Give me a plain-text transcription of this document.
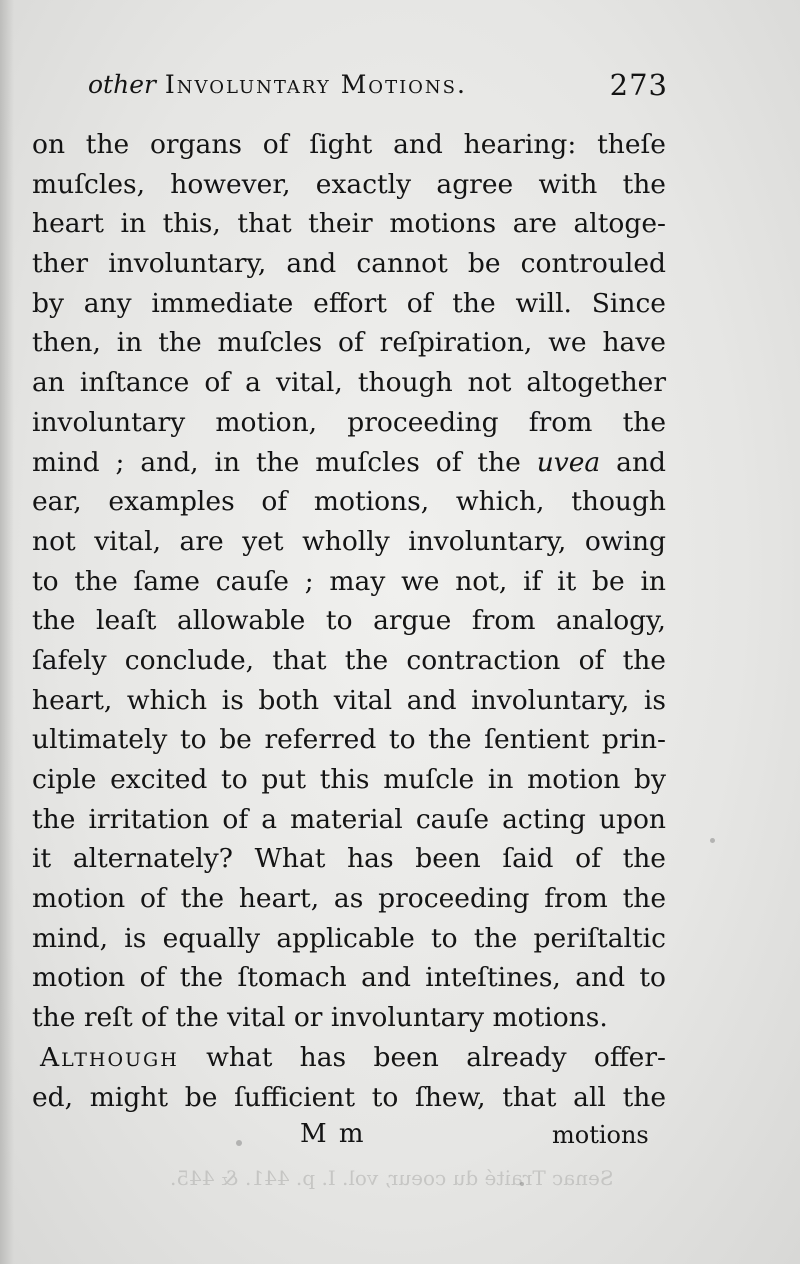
other Involuntary Motions.	273
on the organs of ſight and hearing: theſe
muſcles, however, exactly agree with the
heart in this, that their motions are altoge-
ther involuntary, and cannot be controuled
by any immediate effort of the will. Since
then, in the muſcles of reſpiration, we have
an inſtance of a vital, though not altogether
involuntary motion, proceeding from the
mind ; and, in the muſcles of the uvea and
ear, examples of motions, which, though
not vital, are yet wholly involuntary, owing
to the ſame cauſe ; may we not, if it be in
the leaſt allowable to argue from analogy,
ſafely conclude, that the contraction of the
heart, which is both vital and involuntary, is
ultimately to be referred to the ſentient prin-
ciple excited to put this muſcle in motion by
the irritation of a material cauſe acting upon
it alternately? What has been ſaid of the
motion of the heart, as proceeding from the
mind, is equally applicable to the periſtaltic
motion of the ſtomach and inteſtines, and to
the reſt of the vital or involuntary motions.
Although what has been already offer-
ed, might be ſufficient to ſhew, that all the
M m	motions
Senac Traité du coeur, vol. I. p. 441. & 445.
